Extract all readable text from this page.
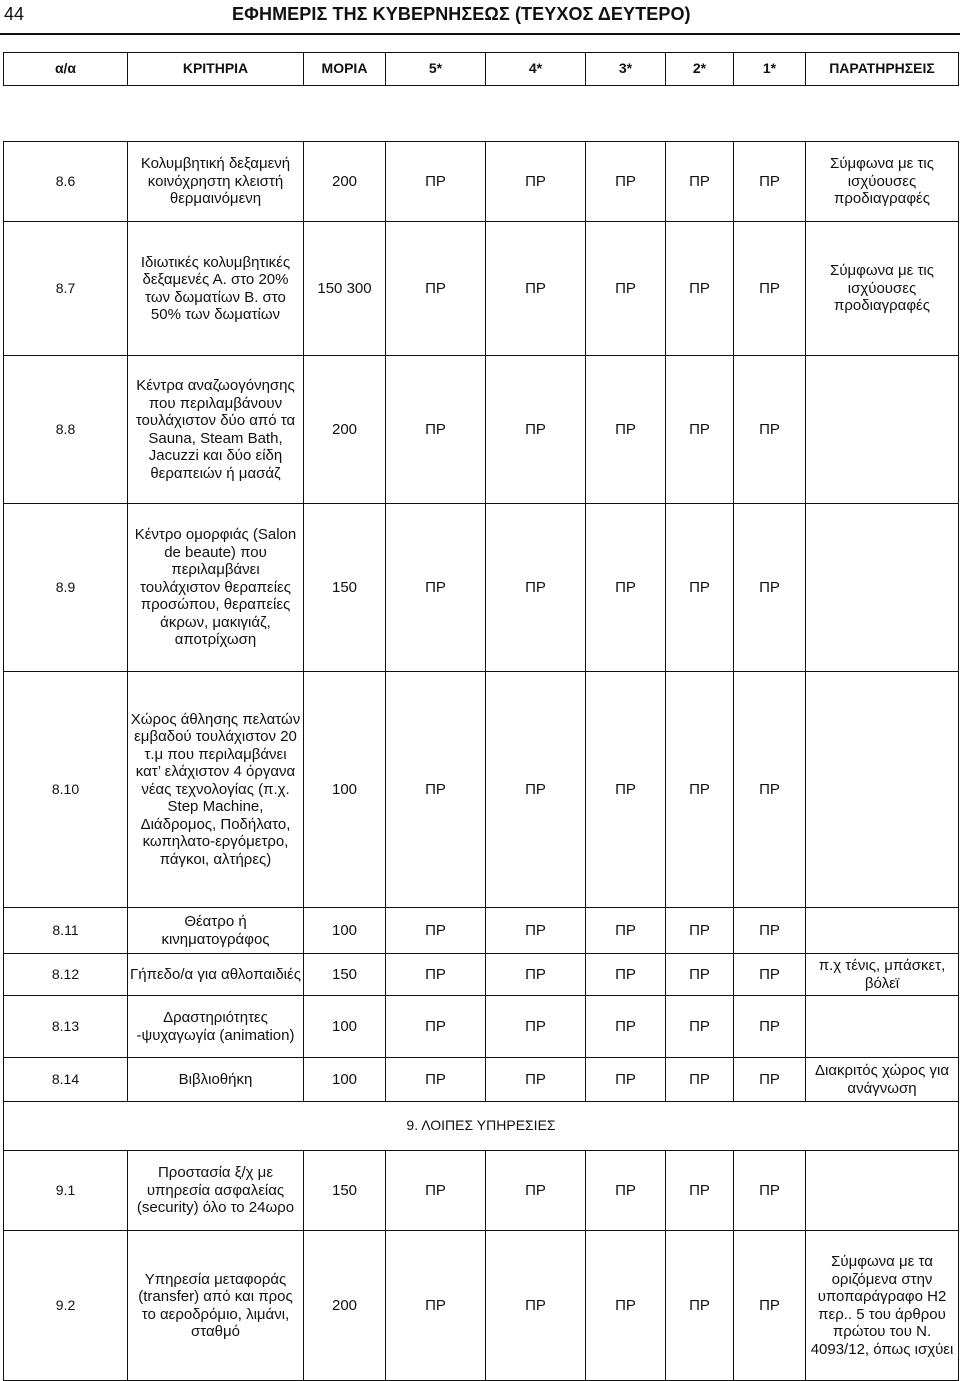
44	ΕΦΗΜΕΡΙΣ ΤΗΣ ΚΥΒΕΡΝΗΣΕΩΣ (ΤΕΥΧΟΣ ΔΕΥΤΕΡΟ)
α/α	ΚΡΙΤΗΡΙΑ	ΜΟΡΙΑ	5*	4*	3*	2*	1*	ΠΑΡΑΤΗΡΗΣΕΙΣ

8.6	Κολυμβητική δεξαμενή κοινόχρηστη κλειστή θερμαινόμενη	200	ΠΡ	ΠΡ	ΠΡ	ΠΡ	ΠΡ	Σύμφωνα με τις ισχύουσες προδιαγραφές
8.7	Ιδιωτικές κολυμβητικές δεξαμενές Α. στο 20% των δωματίων Β. στο 50% των δωματίων	150 300	ΠΡ	ΠΡ	ΠΡ	ΠΡ	ΠΡ	Σύμφωνα με τις ισχύουσες προδιαγραφές
8.8	Κέντρα αναζωογόνησης που περιλαμβάνουν τουλάχιστον δύο από τα Sauna, Steam Bath, Jacuzzi και δύο είδη θεραπειών ή μασάζ	200	ΠΡ	ΠΡ	ΠΡ	ΠΡ	ΠΡ	
8.9	Κέντρο ομορφιάς (Salon de beaute) που περιλαμβάνει τουλάχιστον θεραπείες προσώπου, θεραπείες άκρων, μακιγιάζ, αποτρίχωση	150	ΠΡ	ΠΡ	ΠΡ	ΠΡ	ΠΡ	
8.10	Χώρος άθλησης πελατών εμβαδού τουλάχιστον 20 τ.μ που περιλαμβάνει κατ’ ελάχιστον 4 όργανα νέας τεχνολογίας (π.χ. Step Machine, Διάδρομος, Ποδήλατο, κωπηλατο-εργόμετρο, πάγκοι, αλτήρες)	100	ΠΡ	ΠΡ	ΠΡ	ΠΡ	ΠΡ	
8.11	Θέατρο ή κινηματογράφος	100	ΠΡ	ΠΡ	ΠΡ	ΠΡ	ΠΡ	
8.12	Γήπεδο/α για αθλοπαιδιές	150	ΠΡ	ΠΡ	ΠΡ	ΠΡ	ΠΡ	π.χ τένις, μπάσκετ, βόλεϊ
8.13	Δραστηριότητες -ψυχαγωγία (animation)	100	ΠΡ	ΠΡ	ΠΡ	ΠΡ	ΠΡ	
8.14	Βιβλιοθήκη	100	ΠΡ	ΠΡ	ΠΡ	ΠΡ	ΠΡ	Διακριτός χώρος για ανάγνωση
9. ΛΟΙΠΕΣ ΥΠΗΡΕΣΙΕΣ								
9.1	Προστασία ξ/χ με υπηρεσία ασφαλείας (security) όλο το 24ωρο	150	ΠΡ	ΠΡ	ΠΡ	ΠΡ	ΠΡ	
9.2	Υπηρεσία μεταφοράς (transfer) από και προς το αεροδρόμιο, λιμάνι, σταθμό	200	ΠΡ	ΠΡ	ΠΡ	ΠΡ	ΠΡ	Σύμφωνα με τα οριζόμενα στην υποπαράγραφο Η2 περ.. 5 του άρθρου πρώτου του Ν. 4093/12, όπως ισχύει
